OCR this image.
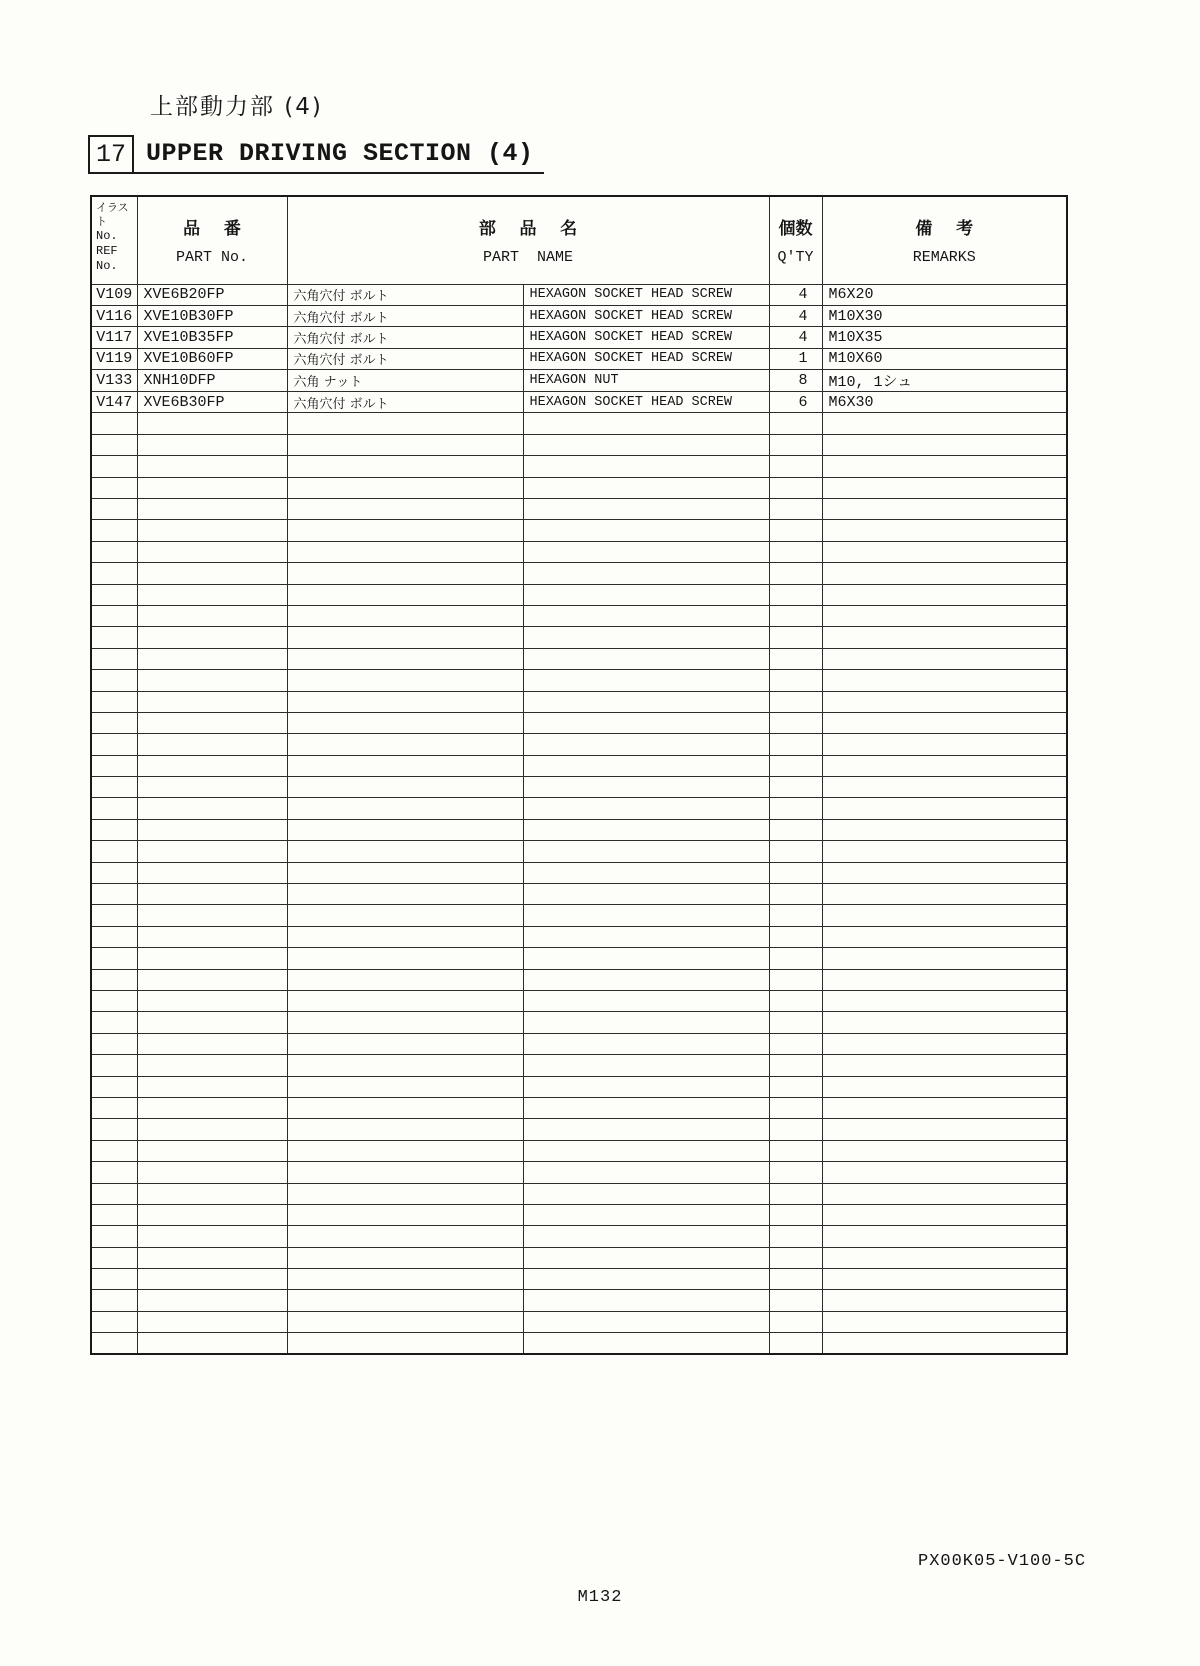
上部動力部 (4)
17 UPPER DRIVING SECTION (4)
イラスト
No.
REF
No.

品    番
PART No.

部    品    名
PART  NAME

個数
Q'TY

備    考
REMARKS

V109	XVE6B20FP	六角穴付 ボルト	HEXAGON SOCKET HEAD SCREW	4	M6X20
V116	XVE10B30FP	六角穴付 ボルト	HEXAGON SOCKET HEAD SCREW	4	M10X30
V117	XVE10B35FP	六角穴付 ボルト	HEXAGON SOCKET HEAD SCREW	4	M10X35
V119	XVE10B60FP	六角穴付 ボルト	HEXAGON SOCKET HEAD SCREW	1	M10X60
V133	XNH10DFP	六角 ナット	HEXAGON NUT	8	M10, 1シュ
V147	XVE6B30FP	六角穴付 ボルト	HEXAGON SOCKET HEAD SCREW	6	M6X30

PX00K05-V100-5C
M132
